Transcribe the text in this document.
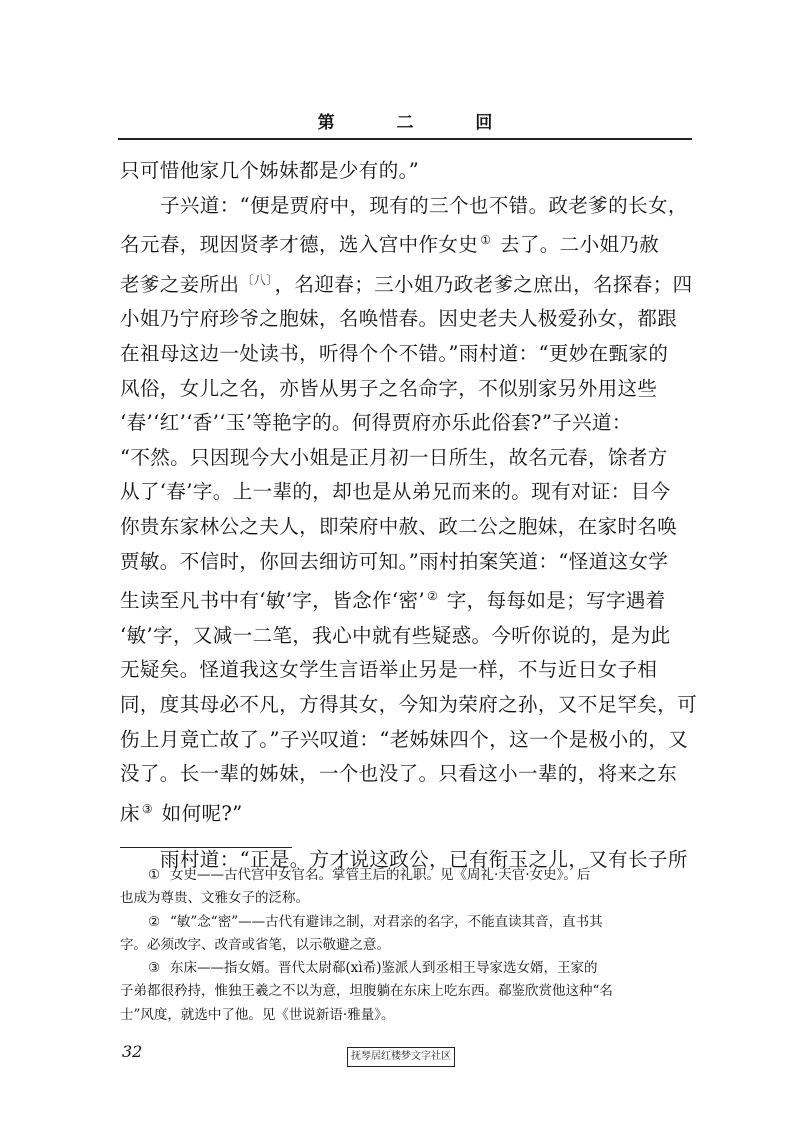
第	二	回
只可惜他家几个姊妹都是少有的。”
子兴道：“便是贾府中，现有的三个也不错。政老爹的长女，
名元春，现因贤孝才德，选入宫中作女史 ① 去了。二小姐乃赦
老爹之妾所出 $^{〔八〕}$ ，名迎春；三小姐乃政老爹之庶出，名探春；四
小姐乃宁府珍爷之胞妹，名唤惜春。因史老夫人极爱孙女，都跟
在祖母这边一处读书，听得个个不错。”雨村道：“更妙在甄家的
风俗，女儿之名，亦皆从男子之名命字，不似别家另外用这些
‘春’‘红’‘香’‘玉’等艳字的。何得贾府亦乐此俗套?”子兴道：
“不然。只因现今大小姐是正月初一日所生，故名元春，馀者方
从了‘春’字。上一辈的，却也是从弟兄而来的。现有对证：目今
你贵东家林公之夫人，即荣府中赦、政二公之胞妹，在家时名唤
贾敏。不信时，你回去细访可知。”雨村拍案笑道：“怪道这女学
生读至凡书中有‘敏’字，皆念作‘密’ ② 字，每每如是；写字遇着
‘敏’字，又减一二笔，我心中就有些疑惑。今听你说的，是为此
无疑矣。怪道我这女学生言语举止另是一样，不与近日女子相
同，度其母必不凡，方得其女，今知为荣府之孙，又不足罕矣，可
伤上月竟亡故了。”子兴叹道：“老姊妹四个，这一个是极小的，又
没了。长一辈的姊妹，一个也没了。只看这小一辈的，将来之东
床 ③ 如何呢?”
雨村道：“正是。方才说这政公，已有衔玉之儿，又有长子所
① 女史——古代宫中女官名。掌管王后的礼职。见《周礼·天官·女史》。后
也成为尊贵、文雅女子的泛称。
② “敏”念“密”——古代有避讳之制，对君亲的名字，不能直读其音，直书其
字。必须改字、改音或省笔，以示敬避之意。
③ 东床——指女婿。晋代太尉郗(xì希)鉴派人到丞相王导家选女婿，王家的
子弟都很矜持，惟独王羲之不以为意，坦腹躺在东床上吃东西。郗鉴欣赏他这种“名
士”风度，就选中了他。见《世说新语·雅量》。
32	抚琴居红楼梦文字社区
